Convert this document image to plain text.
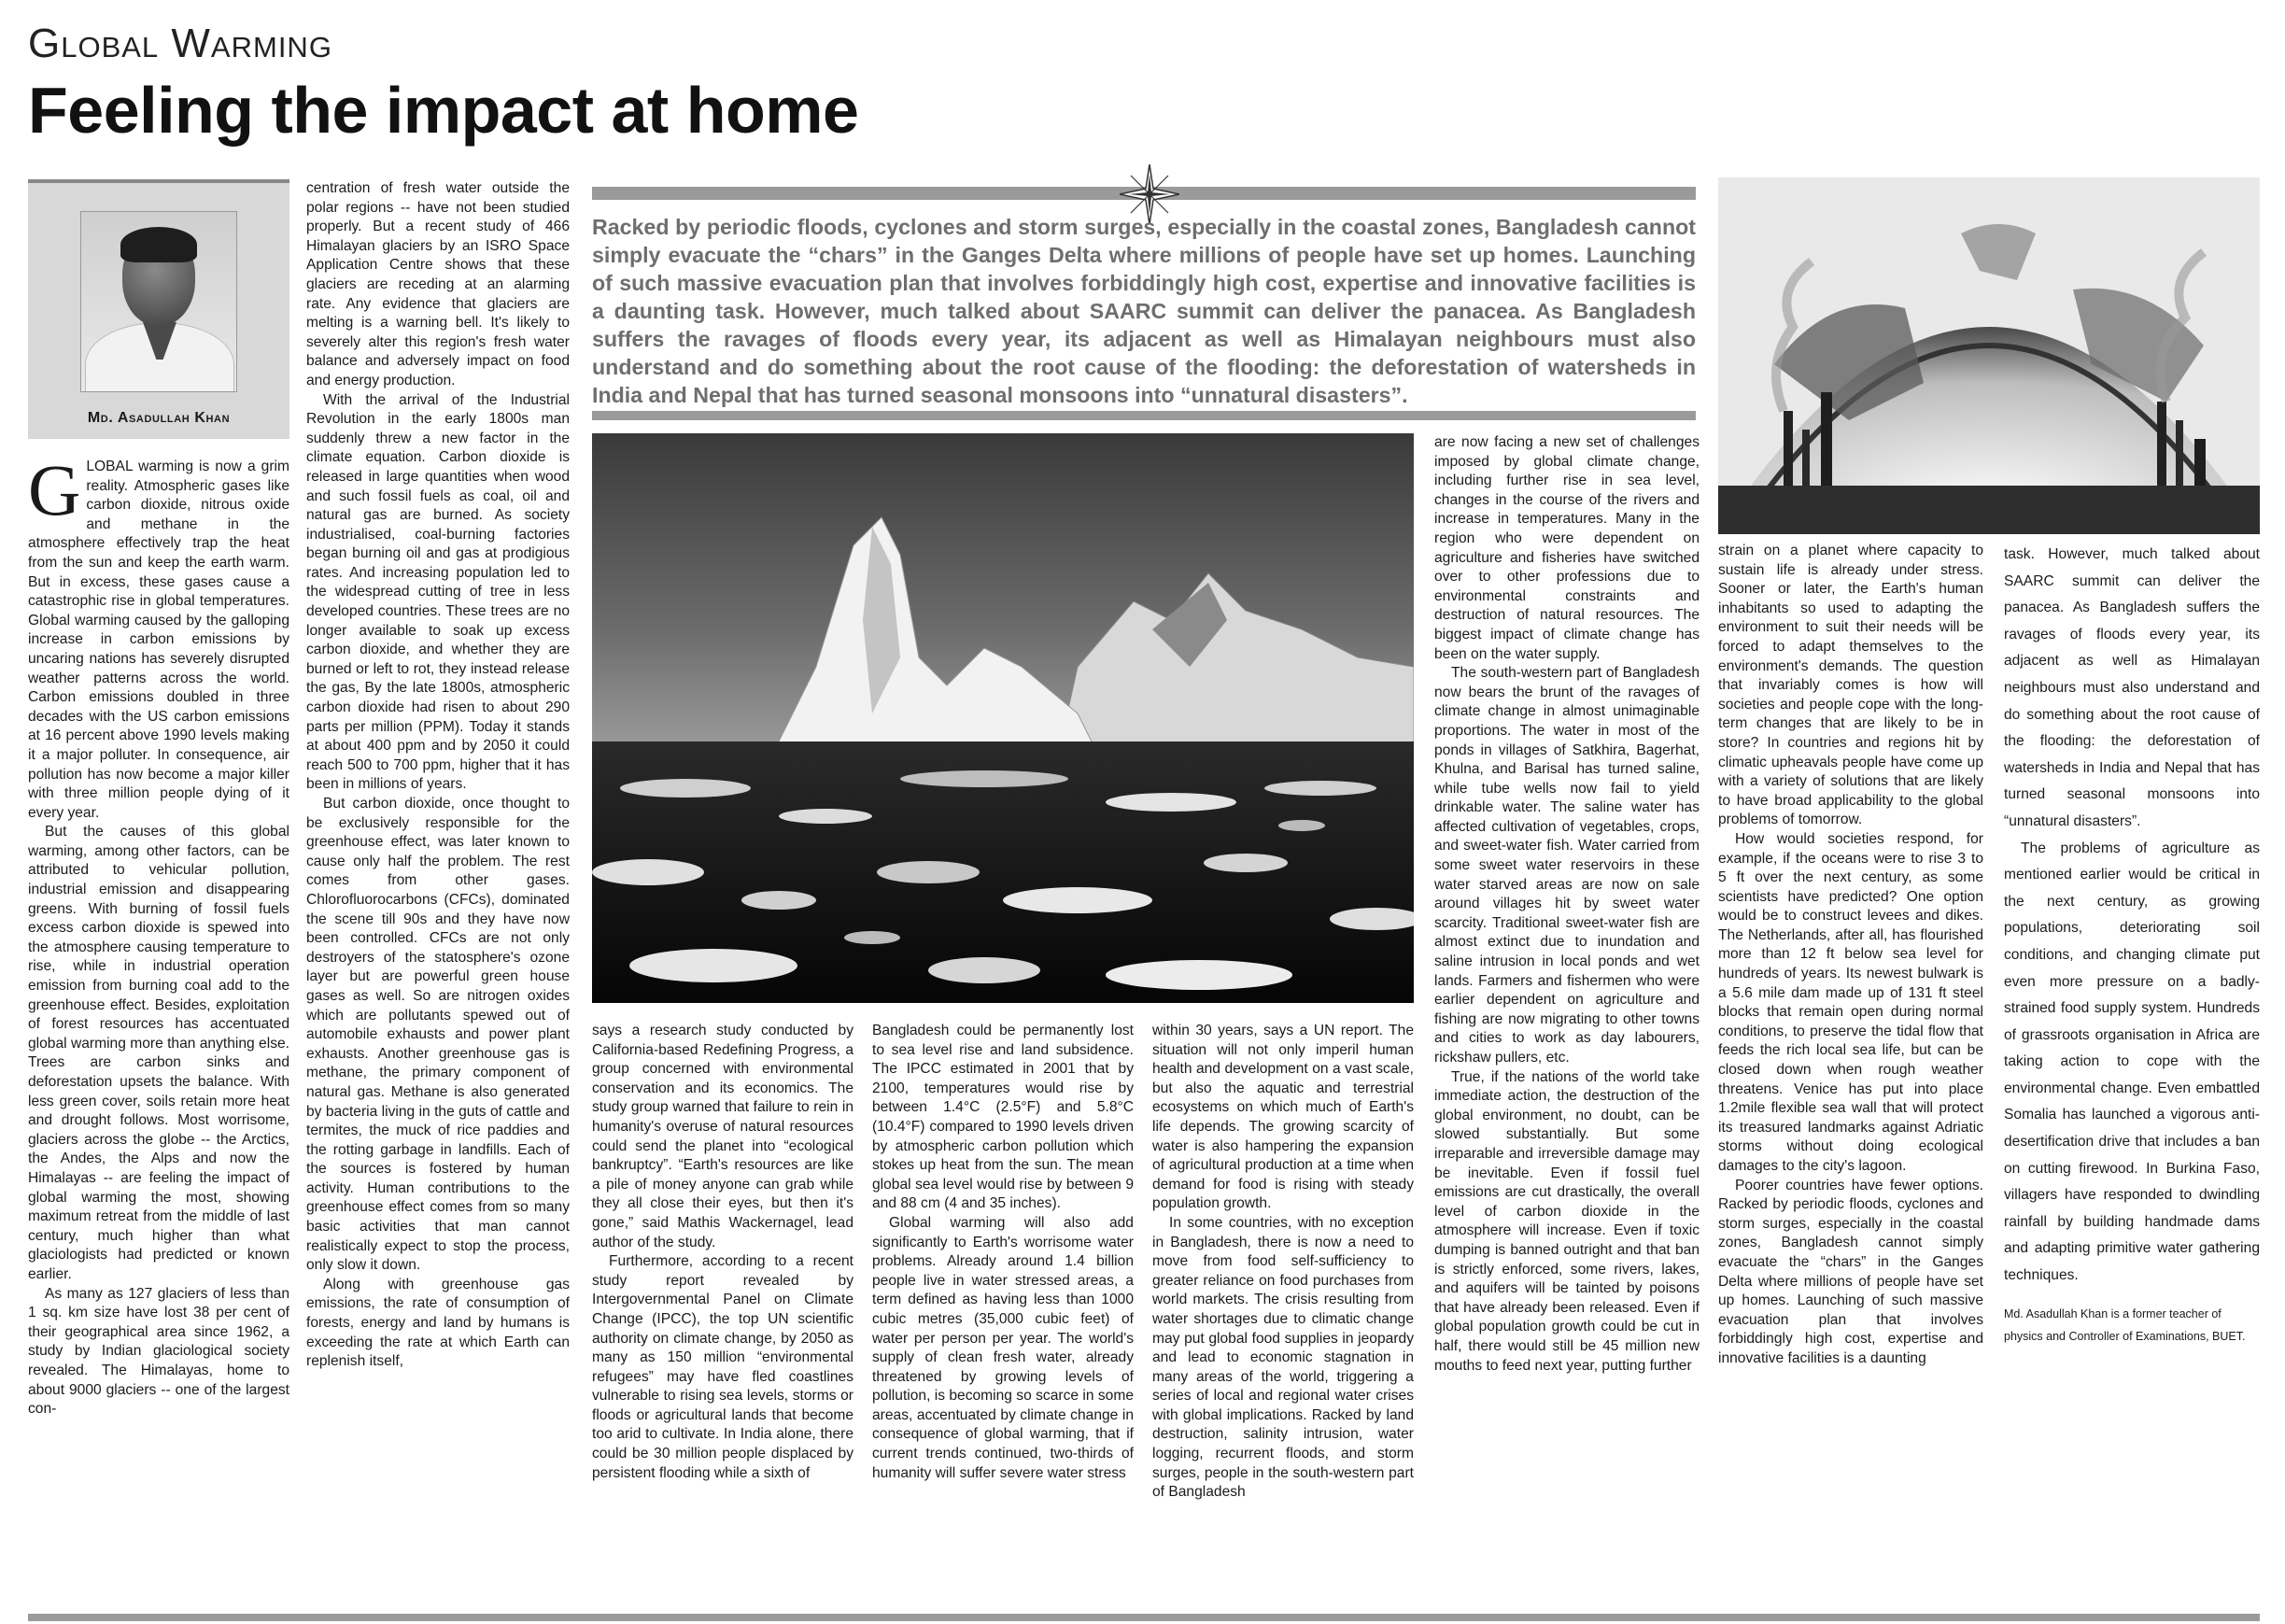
Global Warming
Feeling the impact at home
Md. Asadullah Khan

GLOBAL warming is now a grim reality. Atmospheric gases like carbon dioxide, nitrous oxide and methane in the atmosphere effectively trap the heat from the sun and keep the earth warm. But in excess, these gases cause a catastrophic rise in global temperatures. Global warming caused by the galloping increase in carbon emissions by uncaring nations has severely disrupted weather patterns across the world. Carbon emissions doubled in three decades with the US carbon emissions at 16 percent above 1990 levels making it a major polluter. In consequence, air pollution has now become a major killer with three million people dying of it every year.

But the causes of this global warming, among other factors, can be attributed to vehicular pollution, industrial emission and disappearing greens. With burning of fossil fuels excess carbon dioxide is spewed into the atmosphere causing temperature to rise, while in industrial operation emission from burning coal add to the greenhouse effect. Besides, exploitation of forest resources has accentuated global warming more than anything else. Trees are carbon sinks and deforestation upsets the balance. With less green cover, soils retain more heat and drought follows. Most worrisome, glaciers across the globe -- the Arctics, the Andes, the Alps and now the Himalayas -- are feeling the impact of global warming the most, showing maximum retreat from the middle of last century, much higher than what glaciologists had predicted or known earlier.

As many as 127 glaciers of less than 1 sq. km size have lost 38 per cent of their geographical area since 1962, a study by Indian glaciological society revealed. The Himalayas, home to about 9000 glaciers -- one of the largest con-

centration of fresh water outside the polar regions -- have not been studied properly. But a recent study of 466 Himalayan glaciers by an ISRO Space Application Centre shows that these glaciers are receding at an alarming rate. Any evidence that glaciers are melting is a warning bell. It's likely to severely alter this region's fresh water balance and adversely impact on food and energy production.

With the arrival of the Industrial Revolution in the early 1800s man suddenly threw a new factor in the climate equation. Carbon dioxide is released in large quantities when wood and such fossil fuels as coal, oil and natural gas are burned. As society industrialised, coal-burning factories began burning oil and gas at prodigious rates. And increasing population led to the widespread cutting of tree in less developed countries. These trees are no longer available to soak up excess carbon dioxide, and whether they are burned or left to rot, they instead release the gas, By the late 1800s, atmospheric carbon dioxide had risen to about 290 parts per million (PPM). Today it stands at about 400 ppm and by 2050 it could reach 500 to 700 ppm, higher that it has been in millions of years.

But carbon dioxide, once thought to be exclusively responsible for the greenhouse effect, was later known to cause only half the problem. The rest comes from other gases. Chlorofluorocarbons (CFCs), dominated the scene till 90s and they have now been controlled. CFCs are not only destroyers of the statosphere's ozone layer but are powerful green house gases as well. So are nitrogen oxides which are pollutants spewed out of automobile exhausts and power plant exhausts. Another greenhouse gas is methane, the primary component of natural gas. Methane is also generated by bacteria living in the guts of cattle and termites, the muck of rice paddies and the rotting garbage in landfills. Each of the sources is fostered by human activity. Human contributions to the greenhouse effect comes from so many basic activities that man cannot realistically expect to stop the process, only slow it down.

Along with greenhouse gas emissions, the rate of consumption of forests, energy and land by humans is exceeding the rate at which Earth can replenish itself,

Racked by periodic floods, cyclones and storm surges, especially in the coastal zones, Bangladesh cannot simply evacuate the “chars” in the Ganges Delta where millions of people have set up homes. Launching of such massive evacuation plan that involves forbiddingly high cost, expertise and innovative facilities is a daunting task. However, much talked about SAARC summit can deliver the panacea. As Bangladesh suffers the ravages of floods every year, its adjacent as well as Himalayan neighbours must also understand and do something about the root cause of the flooding: the deforestation of watersheds in India and Nepal that has turned seasonal monsoons into “unnatural disasters”.

says a research study conducted by California-based Redefining Progress, a group concerned with environmental conservation and its economics. The study group warned that failure to rein in humanity's overuse of natural resources could send the planet into “ecological bankruptcy”. “Earth's resources are like a pile of money anyone can grab while they all close their eyes, but then it's gone,” said Mathis Wackernagel, lead author of the study.

Furthermore, according to a recent study report revealed by Intergovernmental Panel on Climate Change (IPCC), the top UN scientific authority on climate change, by 2050 as many as 150 million “environmental refugees” may have fled coastlines vulnerable to rising sea levels, storms or floods or agricultural lands that become too arid to cultivate. In India alone, there could be 30 million people displaced by persistent flooding while a sixth of

Bangladesh could be permanently lost to sea level rise and land subsidence. The IPCC estimated in 2001 that by 2100, temperatures would rise by between 1.4°C (2.5°F) and 5.8°C (10.4°F) compared to 1990 levels driven by atmospheric carbon pollution which stokes up heat from the sun. The mean global sea level would rise by between 9 and 88 cm (4 and 35 inches).

Global warming will also add significantly to Earth's worrisome water problems. Already around 1.4 billion people live in water stressed areas, a term defined as having less than 1000 cubic metres (35,000 cubic feet) of water per person per year. The world's supply of clean fresh water, already threatened by growing levels of pollution, is becoming so scarce in some areas, accentuated by climate change in consequence of global warming, that if current trends continued, two-thirds of humanity will suffer severe water stress

within 30 years, says a UN report. The situation will not only imperil human health and development on a vast scale, but also the aquatic and terrestrial ecosystems on which much of Earth's life depends. The growing scarcity of water is also hampering the expansion of agricultural production at a time when demand for food is rising with steady population growth.

In some countries, with no exception in Bangladesh, there is now a need to move from food self-sufficiency to greater reliance on food purchases from world markets. The crisis resulting from water shortages due to climatic change may put global food supplies in jeopardy and lead to economic stagnation in many areas of the world, triggering a series of local and regional water crises with global implications. Racked by land destruction, salinity intrusion, water logging, recurrent floods, and storm surges, people in the south-western part of Bangladesh

are now facing a new set of challenges imposed by global climate change, including further rise in sea level, changes in the course of the rivers and increase in temperatures. Many in the region who were dependent on agriculture and fisheries have switched over to other professions due to environmental constraints and destruction of natural resources. The biggest impact of climate change has been on the water supply.

The south-western part of Bangladesh now bears the brunt of the ravages of climate change in almost unimaginable proportions. The water in most of the ponds in villages of Satkhira, Bagerhat, Khulna, and Barisal has turned saline, while tube wells now fail to yield drinkable water. The saline water has affected cultivation of vegetables, crops, and sweet-water fish. Water carried from some sweet water reservoirs in these water starved areas are now on sale around villages hit by sweet water scarcity. Traditional sweet-water fish are almost extinct due to inundation and saline intrusion in local ponds and wet lands. Farmers and fishermen who were earlier dependent on agriculture and fishing are now migrating to other towns and cities to work as day labourers, rickshaw pullers, etc.

True, if the nations of the world take immediate action, the destruction of the global environment, no doubt, can be slowed substantially. But some irreparable and irreversible damage may be inevitable. Even if fossil fuel emissions are cut drastically, the overall level of carbon dioxide in the atmosphere will increase. Even if toxic dumping is banned outright and that ban is strictly enforced, some rivers, lakes, and aquifers will be tainted by poisons that have already been released. Even if global population growth could be cut in half, there would still be 45 million new mouths to feed next year, putting further

strain on a planet where capacity to sustain life is already under stress. Sooner or later, the Earth's human inhabitants so used to adapting the environment to suit their needs will be forced to adapt themselves to the environment's demands. The question that invariably comes is how will societies and people cope with the long-term changes that are likely to be in store? In countries and regions hit by climatic upheavals people have come up with a variety of solutions that are likely to have broad applicability to the global problems of tomorrow.

How would societies respond, for example, if the oceans were to rise 3 to 5 ft over the next century, as some scientists have predicted? One option would be to construct levees and dikes. The Netherlands, after all, has flourished more than 12 ft below sea level for hundreds of years. Its newest bulwark is a 5.6 mile dam made up of 131 ft steel blocks that remain open during normal conditions, to preserve the tidal flow that feeds the rich local sea life, but can be closed down when rough weather threatens. Venice has put into place 1.2mile flexible sea wall that will protect its treasured landmarks against Adriatic storms without doing ecological damages to the city's lagoon.

Poorer countries have fewer options. Racked by periodic floods, cyclones and storm surges, especially in the coastal zones, Bangladesh cannot simply evacuate the “chars” in the Ganges Delta where millions of people have set up homes. Launching of such massive evacuation plan that involves forbiddingly high cost, expertise and innovative facilities is a daunting

task. However, much talked about SAARC summit can deliver the panacea. As Bangladesh suffers the ravages of floods every year, its adjacent as well as Himalayan neighbours must also understand and do something about the root cause of the flooding: the deforestation of watersheds in India and Nepal that has turned seasonal monsoons into “unnatural disasters”.

The problems of agriculture as mentioned earlier would be critical in the next century, as growing populations, deteriorating soil conditions, and changing climate put even more pressure on a badly-strained food supply system. Hundreds of grassroots organisation in Africa are taking action to cope with the environmental change. Even embattled Somalia has launched a vigorous anti-desertification drive that includes a ban on cutting firewood. In Burkina Faso, villagers have responded to dwindling rainfall by building handmade dams and adapting primitive water gathering techniques.

Md. Asadullah Khan is a former teacher of physics and Controller of Examinations, BUET.
